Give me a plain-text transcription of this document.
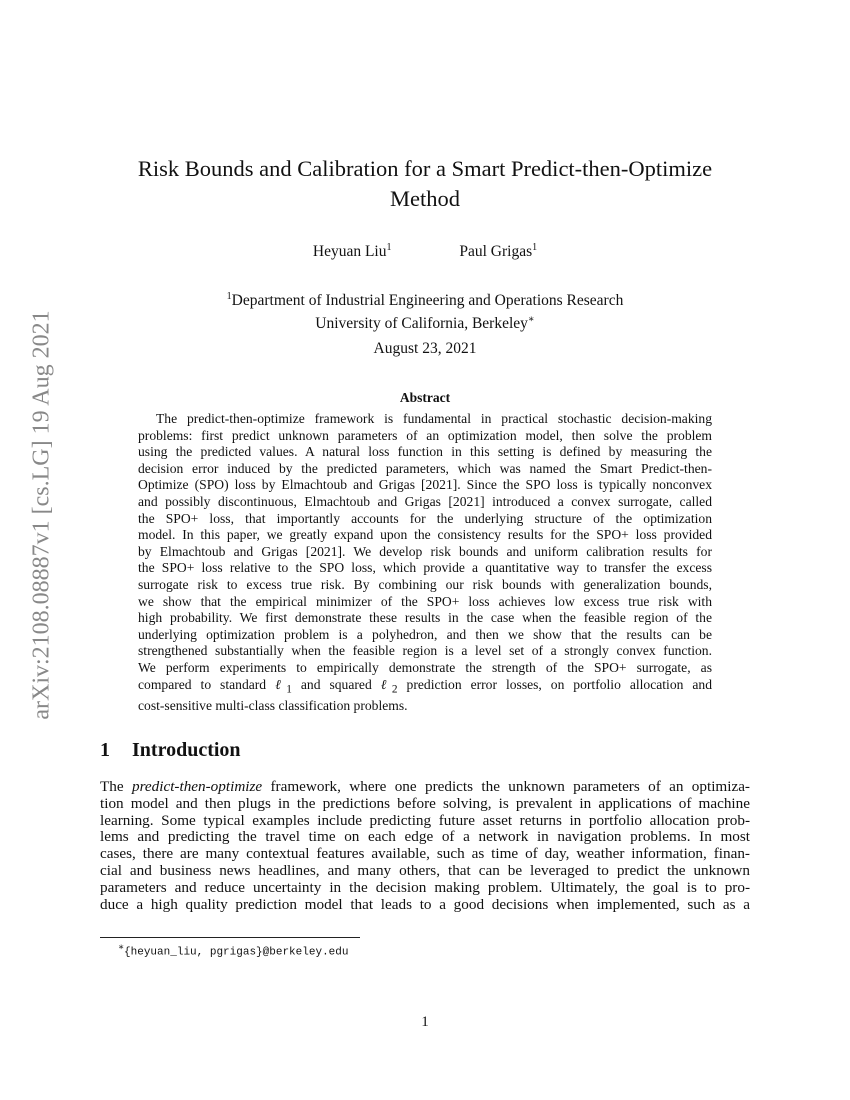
arXiv:2108.08887v1 [cs.LG] 19 Aug 2021
Risk Bounds and Calibration for a Smart Predict-then-Optimize
Method
Heyuan Liu$^1$	Paul Grigas$^1$
$^1$Department of Industrial Engineering and Operations Research
University of California, Berkeley∗
August 23, 2021
Abstract
The predict-then-optimize framework is fundamental in practical stochastic decision-making
problems: first predict unknown parameters of an optimization model, then solve the problem
using the predicted values. A natural loss function in this setting is defined by measuring the
decision error induced by the predicted parameters, which was named the Smart Predict-then-
Optimize (SPO) loss by Elmachtoub and Grigas [2021]. Since the SPO loss is typically nonconvex
and possibly discontinuous, Elmachtoub and Grigas [2021] introduced a convex surrogate, called
the SPO+ loss, that importantly accounts for the underlying structure of the optimization
model. In this paper, we greatly expand upon the consistency results for the SPO+ loss provided
by Elmachtoub and Grigas [2021]. We develop risk bounds and uniform calibration results for
the SPO+ loss relative to the SPO loss, which provide a quantitative way to transfer the excess
surrogate risk to excess true risk. By combining our risk bounds with generalization bounds,
we show that the empirical minimizer of the SPO+ loss achieves low excess true risk with
high probability. We first demonstrate these results in the case when the feasible region of the
underlying optimization problem is a polyhedron, and then we show that the results can be
strengthened substantially when the feasible region is a level set of a strongly convex function.
We perform experiments to empirically demonstrate the strength of the SPO+ surrogate, as
compared to standard ℓ$_1$ and squared ℓ$_2$ prediction error losses, on portfolio allocation and
cost-sensitive multi-class classification problems.
1 Introduction
The predict-then-optimize framework, where one predicts the unknown parameters of an optimiza-
tion model and then plugs in the predictions before solving, is prevalent in applications of machine
learning. Some typical examples include predicting future asset returns in portfolio allocation prob-
lems and predicting the travel time on each edge of a network in navigation problems. In most
cases, there are many contextual features available, such as time of day, weather information, finan-
cial and business news headlines, and many others, that can be leveraged to predict the unknown
parameters and reduce uncertainty in the decision making problem. Ultimately, the goal is to pro-
duce a high quality prediction model that leads to a good decisions when implemented, such as a
∗{heyuan_liu, pgrigas}@berkeley.edu
1
